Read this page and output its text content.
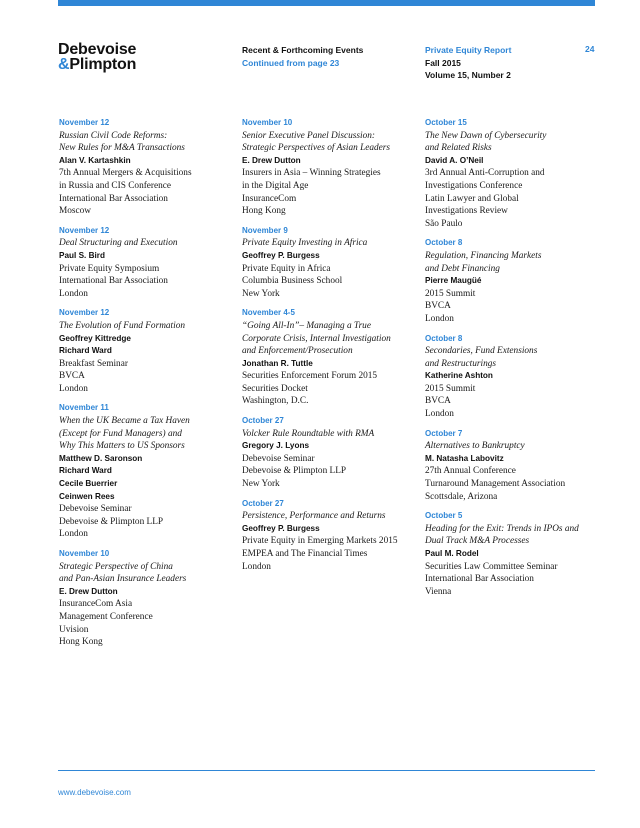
Debevoise
&Plimpton
Recent & Forthcoming Events
Continued from page 23
Private Equity Report
Fall 2015
Volume 15, Number 2
24
November 12
Russian Civil Code Reforms:
New Rules for M&A Transactions
Alan V. Kartashkin
7th Annual Mergers & Acquisitions
in Russia and CIS Conference
International Bar Association
Moscow
November 12
Deal Structuring and Execution
Paul S. Bird
Private Equity Symposium
International Bar Association
London
November 12
The Evolution of Fund Formation
Geoffrey Kittredge
Richard Ward
Breakfast Seminar
BVCA
London
November 11
When the UK Became a Tax Haven
(Except for Fund Managers) and
Why This Matters to US Sponsors
Matthew D. Saronson
Richard Ward
Cecile Buerrier
Ceinwen Rees
Debevoise Seminar
Debevoise & Plimpton LLP
London
November 10
Strategic Perspective of China
and Pan-Asian Insurance Leaders
E. Drew Dutton
InsuranceCom Asia
Management Conference
Uvision
Hong Kong
November 10
Senior Executive Panel Discussion:
Strategic Perspectives of Asian Leaders
E. Drew Dutton
Insurers in Asia – Winning Strategies
in the Digital Age
InsuranceCom
Hong Kong
November 9
Private Equity Investing in Africa
Geoffrey P. Burgess
Private Equity in Africa
Columbia Business School
New York
November 4-5
“Going All-In”– Managing a True
Corporate Crisis, Internal Investigation
and Enforcement/Prosecution
Jonathan R. Tuttle
Securities Enforcement Forum 2015
Securities Docket
Washington, D.C.
October 27
Volcker Rule Roundtable with RMA
Gregory J. Lyons
Debevoise Seminar
Debevoise & Plimpton LLP
New York
October 27
Persistence, Performance and Returns
Geoffrey P. Burgess
Private Equity in Emerging Markets 2015
EMPEA and The Financial Times
London
October 15
The New Dawn of Cybersecurity
and Related Risks
David A. O’Neil
3rd Annual Anti-Corruption and
Investigations Conference
Latin Lawyer and Global
Investigations Review
São Paulo
October 8
Regulation, Financing Markets
and Debt Financing
Pierre Maugüé
2015 Summit
BVCA
London
October 8
Secondaries, Fund Extensions
and Restructurings
Katherine Ashton
2015 Summit
BVCA
London
October 7
Alternatives to Bankruptcy
M. Natasha Labovitz
27th Annual Conference
Turnaround Management Association
Scottsdale, Arizona
October 5
Heading for the Exit: Trends in IPOs and
Dual Track M&A Processes
Paul M. Rodel
Securities Law Committee Seminar
International Bar Association
Vienna
www.debevoise.com
